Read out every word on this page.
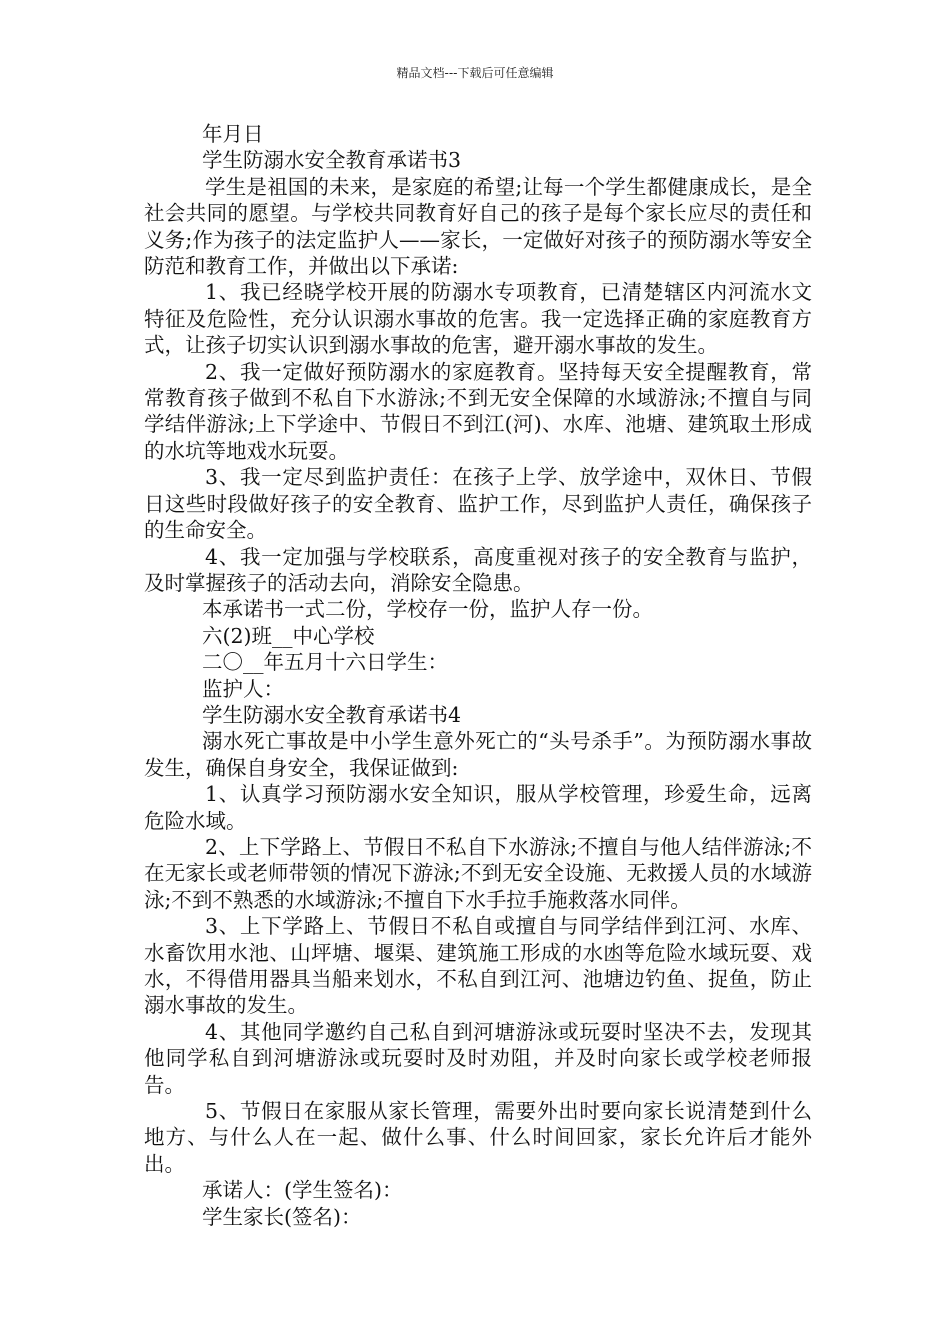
精品文档---下载后可任意编辑

年月日

学生防溺水安全教育承诺书3

学生是祖国的未来，是家庭的希望;让每一个学生都健康成长，是全社会共同的愿望。与学校共同教育好自己的孩子是每个家长应尽的责任和义务;作为孩子的法定监护人——家长，一定做好对孩子的预防溺水等安全防范和教育工作，并做出以下承诺:

1、我已经晓学校开展的防溺水专项教育，已清楚辖区内河流水文特征及危险性，充分认识溺水事故的危害。我一定选择正确的家庭教育方式，让孩子切实认识到溺水事故的危害，避开溺水事故的发生。

2、我一定做好预防溺水的家庭教育。坚持每天安全提醒教育，常常教育孩子做到不私自下水游泳;不到无安全保障的水域游泳;不擅自与同学结伴游泳;上下学途中、节假日不到江(河)、水库、池塘、建筑取土形成的水坑等地戏水玩耍。

3、我一定尽到监护责任：在孩子上学、放学途中，双休日、节假日这些时段做好孩子的安全教育、监护工作，尽到监护人责任，确保孩子的生命安全。

4、我一定加强与学校联系，高度重视对孩子的安全教育与监护，及时掌握孩子的活动去向，消除安全隐患。

本承诺书一式二份，学校存一份，监护人存一份。

六(2)班__中心学校

二〇__年五月十六日学生：

监护人：

学生防溺水安全教育承诺书4

溺水死亡事故是中小学生意外死亡的“头号杀手”。为预防溺水事故发生，确保自身安全，我保证做到:

1、认真学习预防溺水安全知识，服从学校管理，珍爱生命，远离危险水域。

2、上下学路上、节假日不私自下水游泳;不擅自与他人结伴游泳;不在无家长或老师带领的情况下游泳;不到无安全设施、无救援人员的水域游泳;不到不熟悉的水域游泳;不擅自下水手拉手施救落水同伴。

3、上下学路上、节假日不私自或擅自与同学结伴到江河、水库、水畜饮用水池、山坪塘、堰渠、建筑施工形成的水凼等危险水域玩耍、戏水，不得借用器具当船来划水，不私自到江河、池塘边钓鱼、捉鱼，防止溺水事故的发生。

4、其他同学邀约自己私自到河塘游泳或玩耍时坚决不去，发现其他同学私自到河塘游泳或玩耍时及时劝阻，并及时向家长或学校老师报告。

5、节假日在家服从家长管理，需要外出时要向家长说清楚到什么地方、与什么人在一起、做什么事、什么时间回家，家长允许后才能外出。

承诺人：(学生签名)：

学生家长(签名)：
